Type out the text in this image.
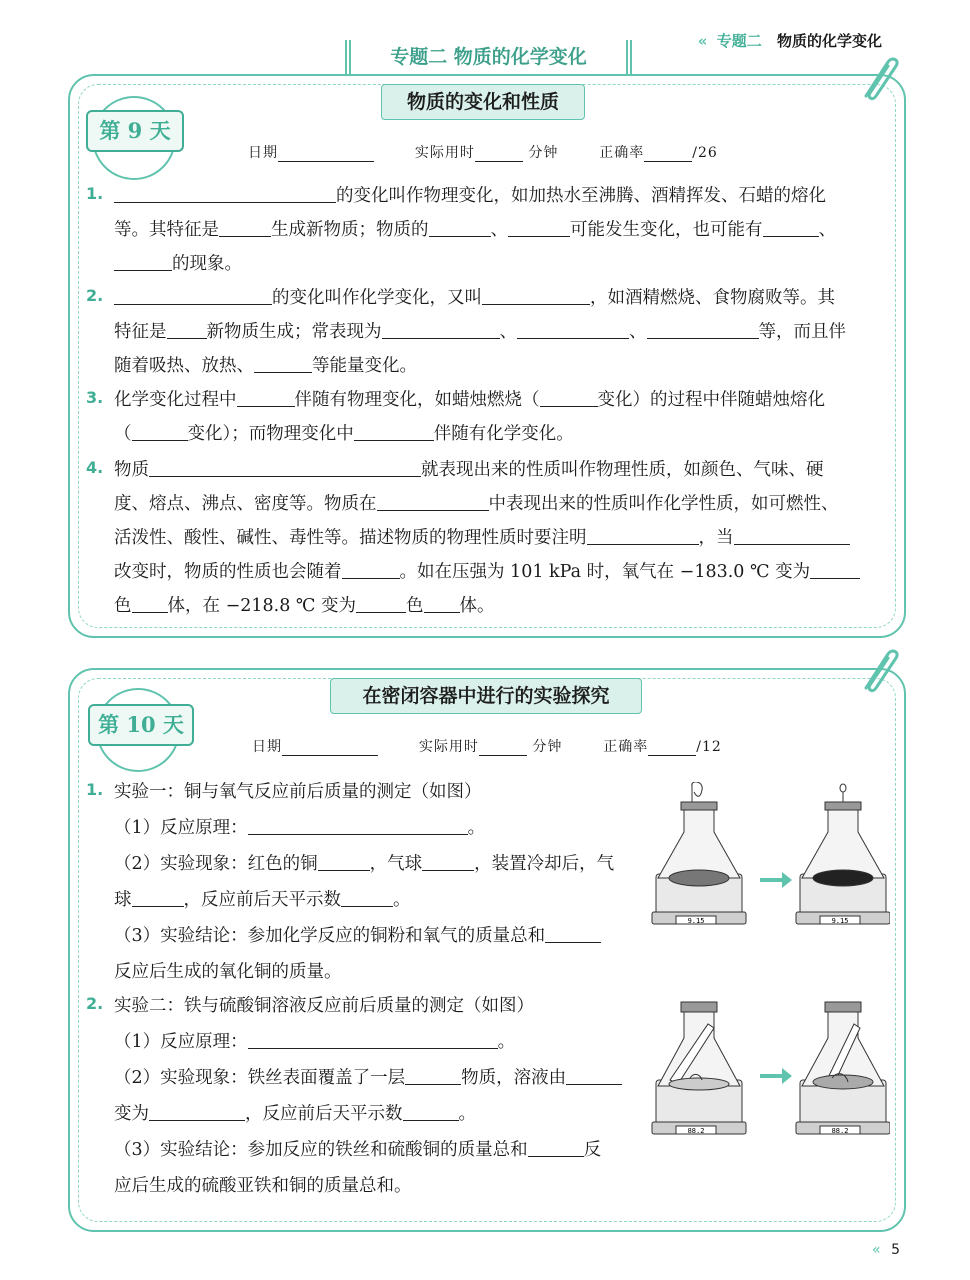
« 专题二 物质的化学变化
专题二 物质的化学变化
物质的变化和性质
第 9 天
日期	实际用时	分钟	正确率	/26
1.	的变化叫作物理变化，如加热水至沸腾、酒精挥发、石蜡的熔化
等。其特征是	生成新物质；物质的	、	可能发生变化，也可能有	、
的现象。
2.	的变化叫作化学变化，又叫	，如酒精燃烧、食物腐败等。其
特征是 新物质生成；常表现为	、	、	等，而且伴
随着吸热、放热、	等能量变化。
3. 化学变化过程中	伴随有物理变化，如蜡烛燃烧（	变化）的过程中伴随蜡烛熔化
（	变化）；而物理变化中	伴随有化学变化。
4. 物质	就表现出来的性质叫作物理性质，如颜色、气味、硬
度、熔点、沸点、密度等。物质在	中表现出来的性质叫作化学性质，如可燃性、
活泼性、酸性、碱性、毒性等。描述物质的物理性质时要注明	，当
改变时，物质的性质也会随着	。如在压强为 101 kPa 时，氧气在 −183.0 ℃ 变为
色 体，在 −218.8 ℃ 变为	色 体。
在密闭容器中进行的实验探究
第 10 天
日期	实际用时	分钟	正确率	/12
1. 实验一：铜与氧气反应前后质量的测定（如图）
（1）反应原理：	。
（2）实验现象：红色的铜	，气球	，装置冷却后，气
球	，反应前后天平示数	。
（3）实验结论：参加化学反应的铜粉和氧气的质量总和
反应后生成的氧化铜的质量。
2. 实验二：铁与硫酸铜溶液反应前后质量的测定（如图）
（1）反应原理：	。
（2）实验现象：铁丝表面覆盖了一层	物质，溶液由
变为	，反应前后天平示数	。
（3）实验结论：参加反应的铁丝和硫酸铜的质量总和	反
应后生成的硫酸亚铁和铜的质量总和。
9.15	9.15
88.2	88.2
« 5
